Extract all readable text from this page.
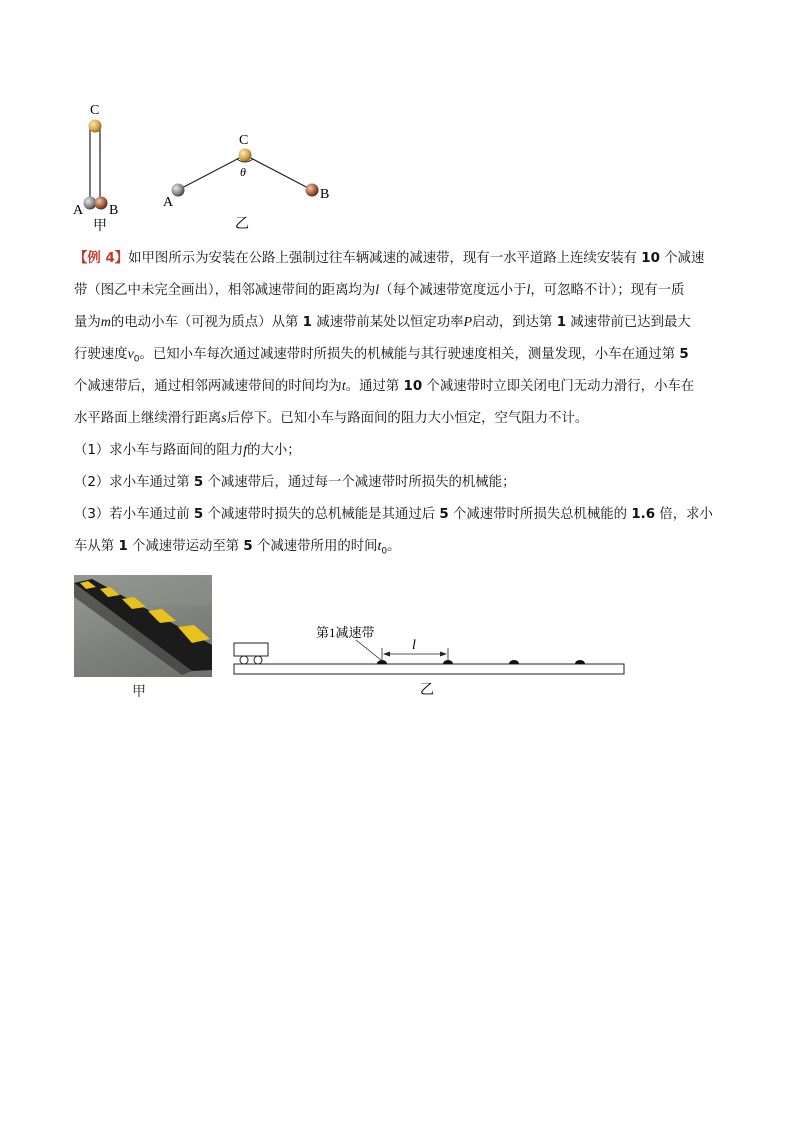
C
A B
甲
C
θ
A
B
乙
【例 4】如甲图所示为安装在公路上强制过往车辆减速的减速带，现有一水平道路上连续安装有 10 个减速
带（图乙中未完全画出），相邻减速带间的距离均为l（每个减速带宽度远小于l，可忽略不计）；现有一质
量为m的电动小车（可视为质点）从第 1 减速带前某处以恒定功率P启动，到达第 1 减速带前已达到最大
行驶速度$v_0$。已知小车每次通过减速带时所损失的机械能与其行驶速度相关，测量发现，小车在通过第 5
个减速带后，通过相邻两减速带间的时间均为t。通过第 10 个减速带时立即关闭电门无动力滑行，小车在
水平路面上继续滑行距离s后停下。已知小车与路面间的阻力大小恒定，空气阻力不计。
（1）求小车与路面间的阻力f的大小；
（2）求小车通过第 5 个减速带后，通过每一个减速带时所损失的机械能；
（3）若小车通过前 5 个减速带时损失的总机械能是其通过后 5 个减速带时所损失总机械能的 1.6 倍，求小
车从第 1 个减速带运动至第 5 个减速带所用的时间$t_0$。
甲
第1减速带
l
乙
